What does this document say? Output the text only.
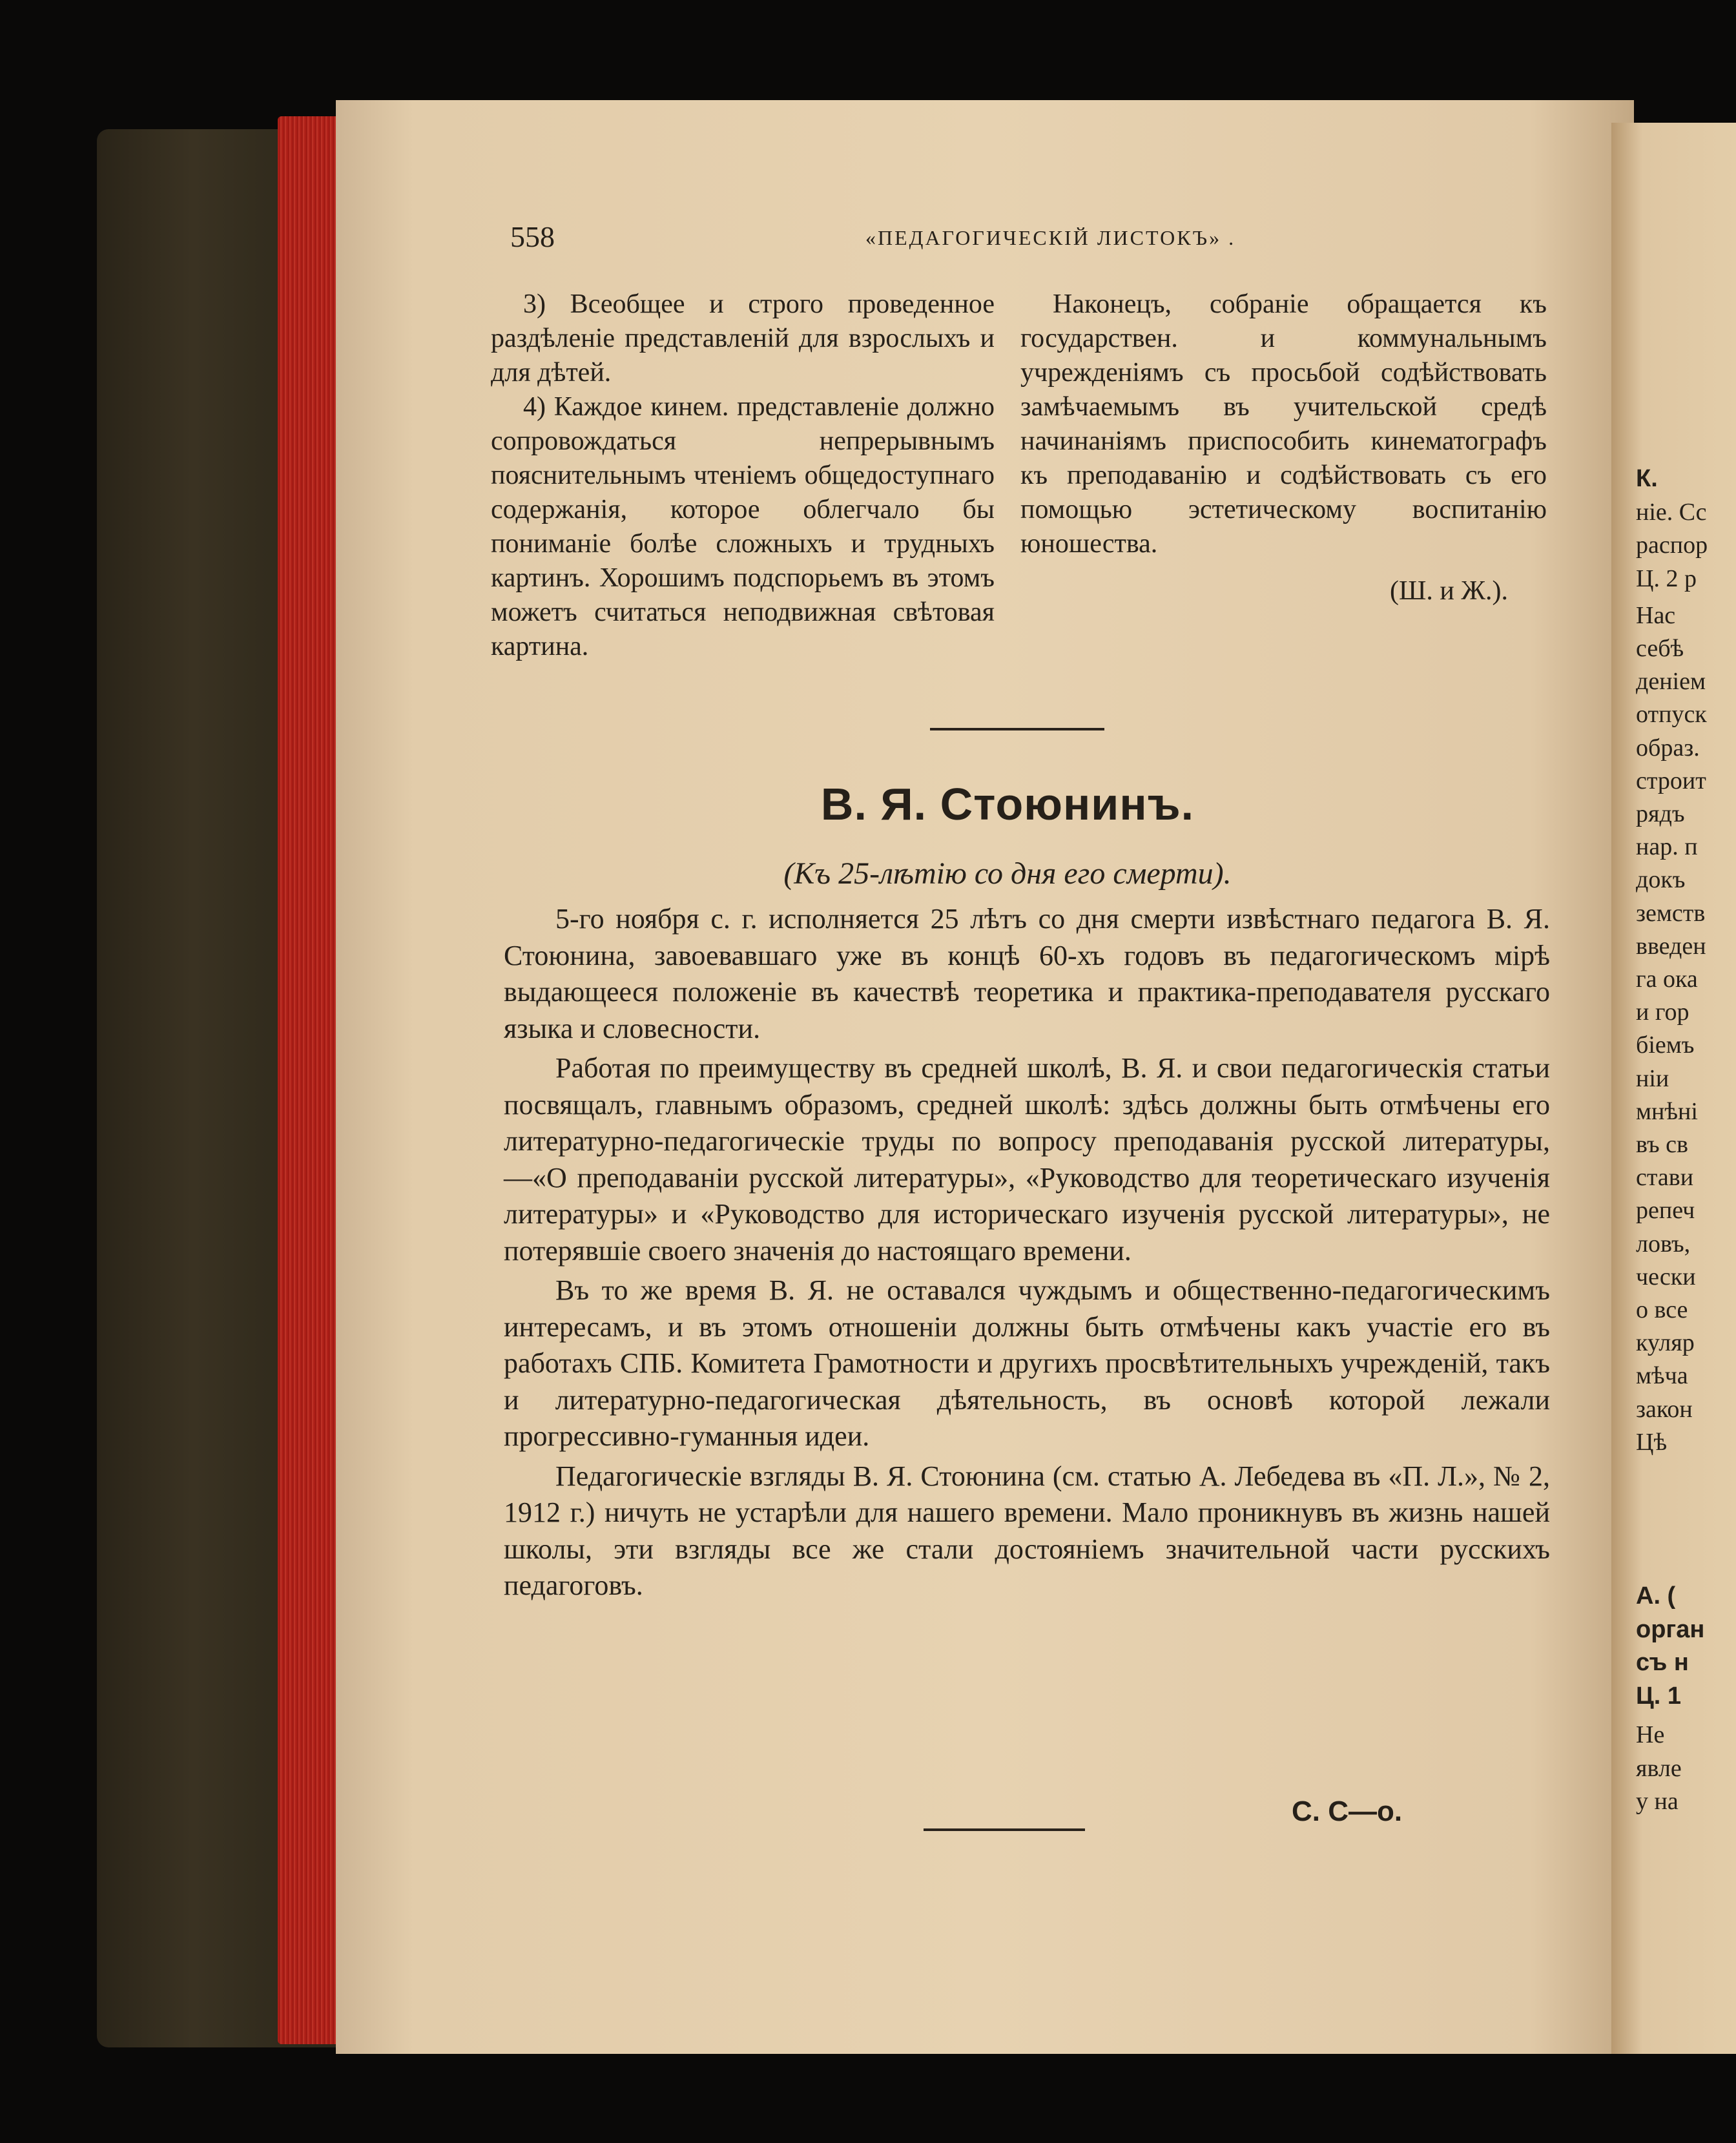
558	«ПЕДАГОГИЧЕСКІЙ ЛИСТОКЪ» .

3) Всеобщее и строго проведенное раздѣленіе представленій для взрослыхъ и для дѣтей.

4) Каждое кинем. представленіе должно сопровождаться непрерывнымъ пояснительнымъ чтеніемъ общедоступнаго содержанія, которое облегчало бы пониманіе болѣе сложныхъ и трудныхъ картинъ. Хорошимъ подспорьемъ въ этомъ можетъ считаться неподвижная свѣтовая картина.

Наконецъ, собраніе обращается къ государствен. и коммунальнымъ учрежденіямъ съ просьбой содѣйствовать замѣчаемымъ въ учительской средѣ начинаніямъ приспособить кинематографъ къ преподаванію и содѣйствовать съ его помощью эстетическому воспитанію юношества.

(Ш. и Ж.).

В. Я. Стоюнинъ.
(Къ 25-лѣтію со дня его смерти).

5-го ноября с. г. исполняется 25 лѣтъ со дня смерти извѣстнаго педагога В. Я. Стоюнина, завоевавшаго уже въ концѣ 60-хъ годовъ въ педагогическомъ мірѣ выдающееся положеніе въ качествѣ теоретика и практика-преподавателя русскаго языка и словесности.

Работая по преимуществу въ средней школѣ, В. Я. и свои педагогическія статьи посвящалъ, главнымъ образомъ, средней школѣ: здѣсь должны быть отмѣчены его литературно-педагогическіе труды по вопросу преподаванія русской литературы,—«О преподаваніи русской литературы», «Руководство для теоретическаго изученія литературы» и «Руководство для историческаго изученія русской литературы», не потерявшіе своего значенія до настоящаго времени.

Въ то же время В. Я. не оставался чуждымъ и общественно-педагогическимъ интересамъ, и въ этомъ отношеніи должны быть отмѣчены какъ участіе его въ работахъ СПБ. Комитета Грамотности и другихъ просвѣтительныхъ учрежденій, такъ и литературно-педагогическая дѣятельность, въ основѣ которой лежали прогрессивно-гуманныя идеи.

Педагогическіе взгляды В. Я. Стоюнина (см. статью А. Лебедева въ «П. Л.», № 2, 1912 г.) ничуть не устарѣли для нашего времени. Мало проникнувъ въ жизнь нашей школы, эти взгляды все же стали достояніемъ значительной части русскихъ педагоговъ.

С. С—о.
К.
ніе. Сс
распор
Ц. 2 р
Нас
себѣ
деніем
отпуск
образ.
строит
рядъ
нар. п
докъ
земств
введен
га ока
и гор
біемъ
ніи
мнѣні
въ св
стави
репеч
ловъ,
чески
о все
куляр
мѣча
закон
Цѣ
А. (
орган
съ н
Ц. 1
Не
явле
у на
